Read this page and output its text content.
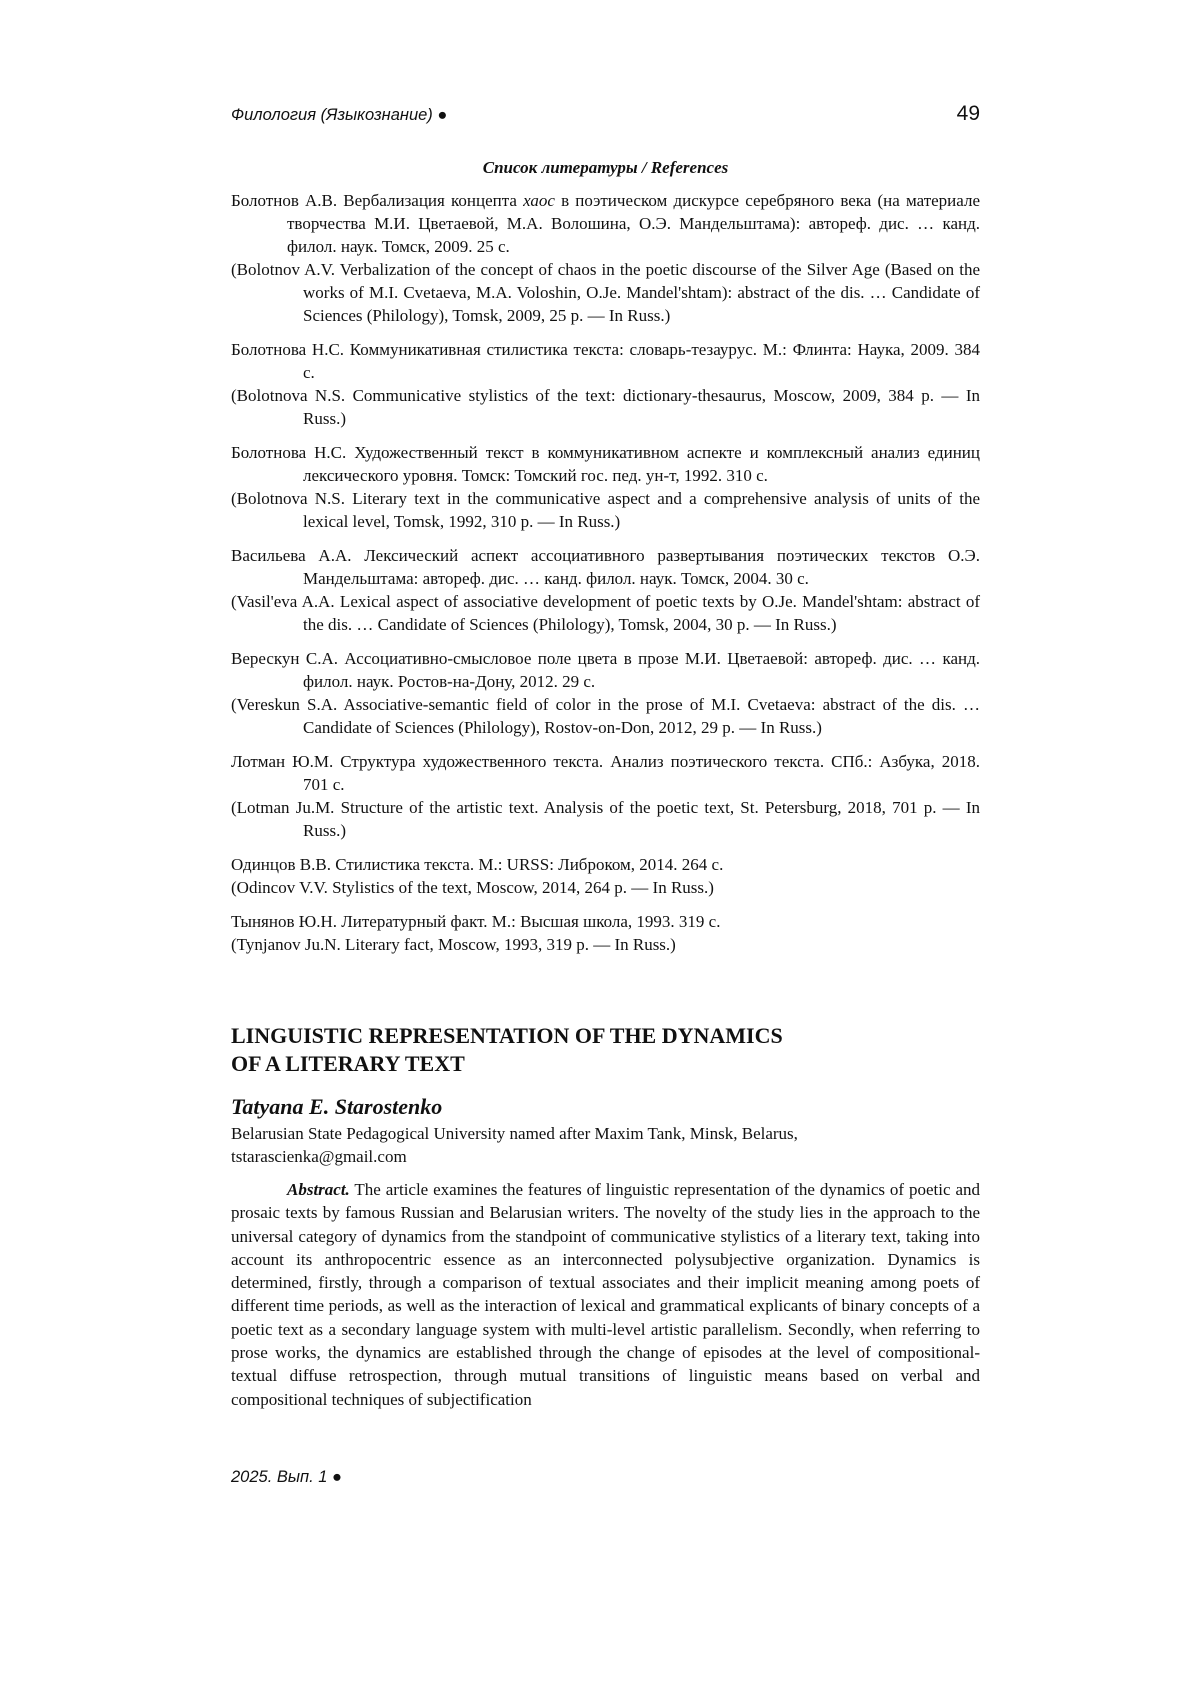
Филология (Языкознание) ●	49
Список литературы / References

Болотнов А.В. Вербализация концепта хаос в поэтическом дискурсе серебряного века (на материале творчества М.И. Цветаевой, М.А. Волошина, О.Э. Мандельштама): автореф. дис. … канд. филол. наук. Томск, 2009. 25 с.

(Bolotnov A.V. Verbalization of the concept of chaos in the poetic discourse of the Silver Age (Based on the works of M.I. Cvetaeva, M.A. Voloshin, O.Je. Mandel'shtam): abstract of the dis. … Candidate of Sciences (Philology), Tomsk, 2009, 25 p. — In Russ.)

Болотнова Н.С. Коммуникативная стилистика текста: словарь-тезаурус. М.: Флинта: Наука, 2009. 384 с.

(Bolotnova N.S. Communicative stylistics of the text: dictionary-thesaurus, Moscow, 2009, 384 p. — In Russ.)

Болотнова Н.С. Художественный текст в коммуникативном аспекте и комплексный анализ единиц лексического уровня. Томск: Томский гос. пед. ун-т, 1992. 310 с.

(Bolotnova N.S. Literary text in the communicative aspect and a comprehensive analysis of units of the lexical level, Tomsk, 1992, 310 p. — In Russ.)

Васильева А.А. Лексический аспект ассоциативного развертывания поэтических текстов О.Э. Мандельштама: автореф. дис. … канд. филол. наук. Томск, 2004. 30 с.

(Vasil'eva A.A. Lexical aspect of associative development of poetic texts by O.Je. Mandel'shtam: abstract of the dis. … Candidate of Sciences (Philology), Tomsk, 2004, 30 p. — In Russ.)

Верескун С.А. Ассоциативно-смысловое поле цвета в прозе М.И. Цветаевой: автореф. дис. … канд. филол. наук. Ростов-на-Дону, 2012. 29 с.

(Vereskun S.A. Associative-semantic field of color in the prose of M.I. Cvetaeva: abstract of the dis. … Candidate of Sciences (Philology), Rostov-on-Don, 2012, 29 p. — In Russ.)

Лотман Ю.М. Структура художественного текста. Анализ поэтического текста. СПб.: Азбука, 2018. 701 с.

(Lotman Ju.M. Structure of the artistic text. Analysis of the poetic text, St. Petersburg, 2018, 701 p. — In Russ.)

Одинцов В.В. Стилистика текста. М.: URSS: Либроком, 2014. 264 с.

(Odincov V.V. Stylistics of the text, Moscow, 2014, 264 p. — In Russ.)

Тынянов Ю.Н. Литературный факт. М.: Высшая школа, 1993. 319 с.

(Tynjanov Ju.N. Literary fact, Moscow, 1993, 319 p. — In Russ.)

LINGUISTIC REPRESENTATION OF THE DYNAMICS
OF A LITERARY TEXT
Tatyana E. Starostenko
Belarusian State Pedagogical University named after Maxim Tank, Minsk, Belarus,
tstarascienka@gmail.com

Abstract. The article examines the features of linguistic representation of the dynamics of poetic and prosaic texts by famous Russian and Belarusian writers. The novelty of the study lies in the approach to the universal category of dynamics from the standpoint of communicative stylistics of a literary text, taking into account its anthropocentric essence as an interconnected polysubjective organization. Dynamics is determined, firstly, through a comparison of textual associates and their implicit meaning among poets of different time periods, as well as the interaction of lexical and grammatical explicants of binary concepts of a poetic text as a secondary language system with multi-level artistic parallelism. Secondly, when referring to prose works, the dynamics are established through the change of episodes at the level of compositional-textual diffuse retrospection, through mutual transitions of linguistic means based on verbal and compositional techniques of subjectification

2025. Вып. 1 ●
